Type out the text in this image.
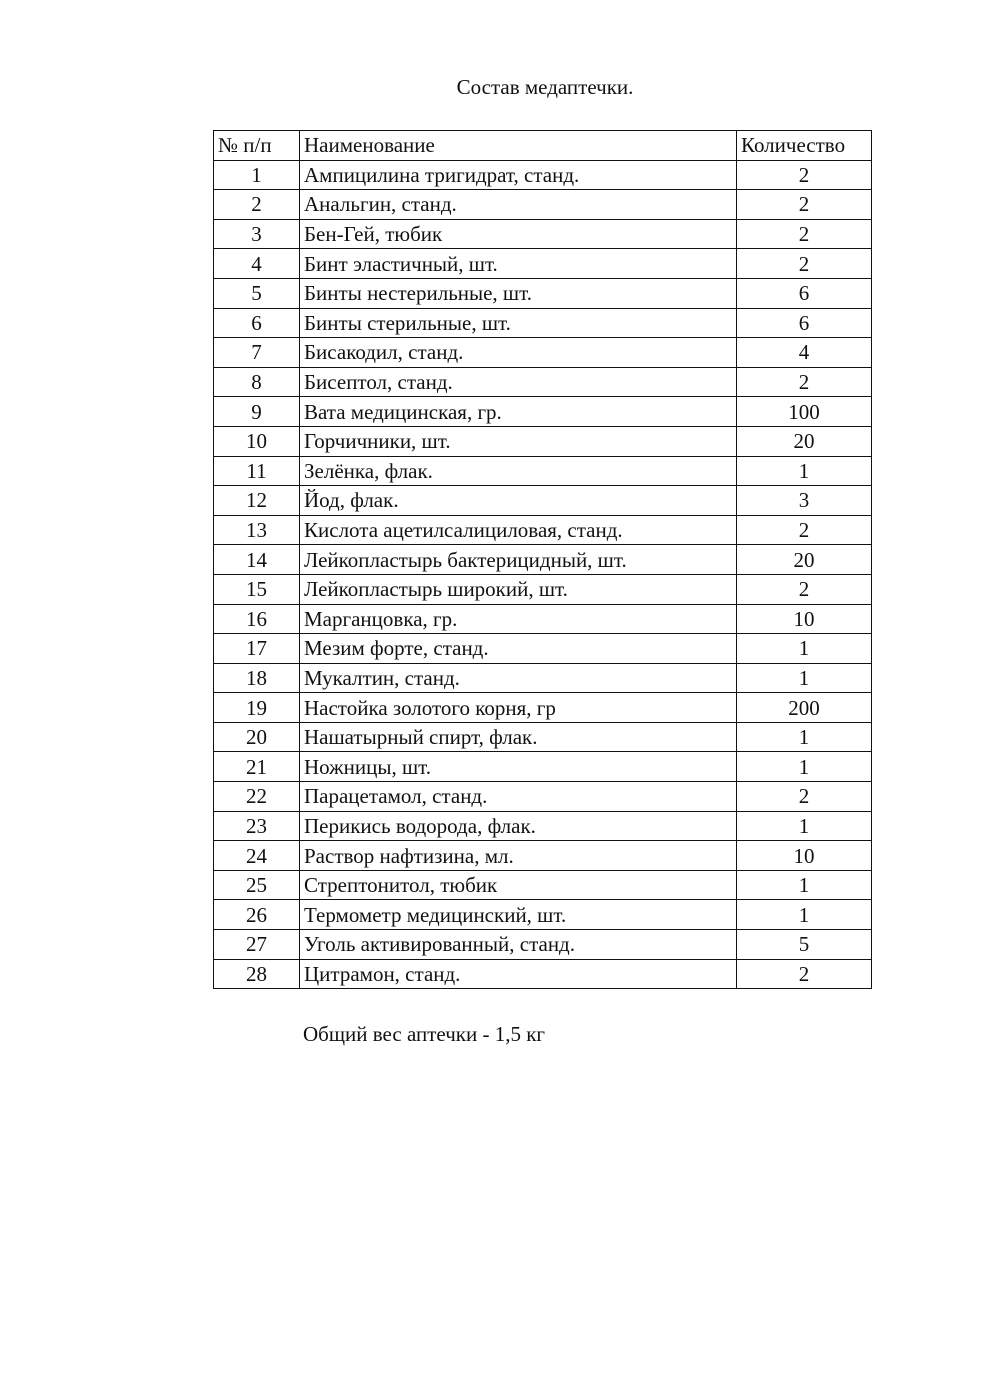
Состав медаптечки.
№ п/п	Наименование	Количество
1	Ампицилина тригидрат, станд.	2
2	Анальгин, станд.	2
3	Бен-Гей, тюбик	2
4	Бинт эластичный, шт.	2
5	Бинты нестерильные, шт.	6
6	Бинты стерильные, шт.	6
7	Бисакодил, станд.	4
8	Бисептол, станд.	2
9	Вата медицинская, гр.	100
10	Горчичники, шт.	20
11	Зелёнка, флак.	1
12	Йод, флак.	3
13	Кислота ацетилсалициловая, станд.	2
14	Лейкопластырь бактерицидный, шт.	20
15	Лейкопластырь широкий, шт.	2
16	Марганцовка, гр.	10
17	Мезим форте, станд.	1
18	Мукалтин, станд.	1
19	Настойка золотого корня, гр	200
20	Нашатырный спирт, флак.	1
21	Ножницы, шт.	1
22	Парацетамол, станд.	2
23	Перикись водорода, флак.	1
24	Раствор нафтизина, мл.	10
25	Стрептонитол, тюбик	1
26	Термометр медицинский, шт.	1
27	Уголь активированный, станд.	5
28	Цитрамон, станд.	2
Общий вес аптечки - 1,5 кг
